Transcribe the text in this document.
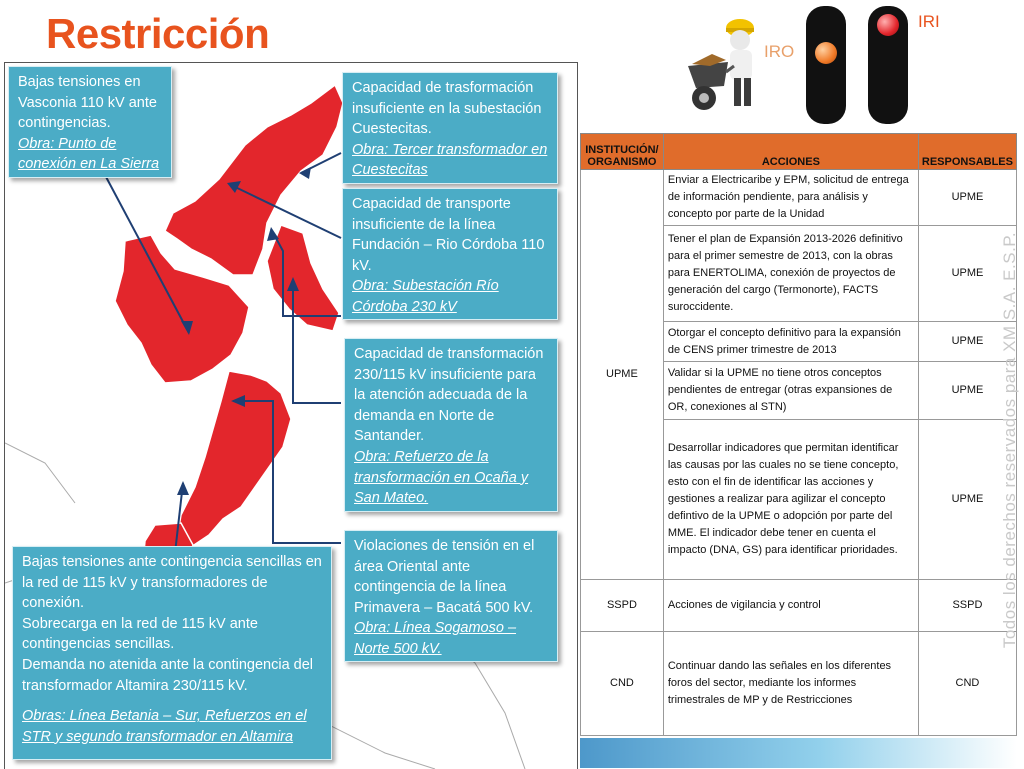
Restricción
Bajas tensiones en Vasconia 110 kV ante contingencias.
Obra: Punto de conexión en La Sierra
Capacidad de trasformación insuficiente en la subestación Cuestecitas.
Obra: Tercer transformador en Cuestecitas
Capacidad de transporte insuficiente de la línea Fundación – Rio Córdoba 110 kV.
Obra: Subestación Río Córdoba 230 kV
Capacidad de transformación 230/115 kV insuficiente para la atención adecuada de la demanda en Norte de Santander.
Obra: Refuerzo de la transformación en Ocaña y San Mateo.
Violaciones de tensión en el área Oriental ante contingencia de la línea Primavera – Bacatá 500 kV.
Obra: Línea Sogamoso – Norte 500 kV.
Bajas tensiones ante contingencia sencillas en la red de 115 kV y transformadores de conexión.
Sobrecarga en la red de 115 kV ante contingencias sencillas.
Demanda no atenida ante la contingencia del transformador Altamira 230/115 kV.

Obras: Línea Betania – Sur, Refuerzos en el STR y segundo transformador en Altamira
IRI
IRO
INSTITUCIÓN/ ORGANISMO	ACCIONES	RESPONSABLES
UPME	Enviar a Electricaribe y EPM, solicitud de entrega de información pendiente, para análisis y concepto por parte de la Unidad	UPME
	Tener el plan de Expansión 2013-2026 definitivo para el primer semestre de 2013, con la obras para ENERTOLIMA, conexión de proyectos de generación del cargo (Termonorte), FACTS suroccidente.	UPME
	Otorgar el concepto definitivo para la expansión de CENS primer trimestre de 2013	UPME
	Validar si la UPME no tiene otros conceptos pendientes de entregar (otras expansiones de OR, conexiones al STN)	UPME
	Desarrollar indicadores que permitan identificar las causas por las cuales no se tiene concepto, esto con el fin de identificar las acciones y gestiones a realizar para agilizar el concepto defintivo de la UPME o adopción por parte del MME. El indicador debe tener en cuenta el impacto (DNA, GS) para identificar prioridades.	UPME
SSPD	Acciones de vigilancia y control	SSPD
CND	Continuar dando las señales en los diferentes foros del sector, mediante los informes trimestrales de MP y de Restricciones	CND
Todos los derechos reservados para XM S.A. E.S.P.
